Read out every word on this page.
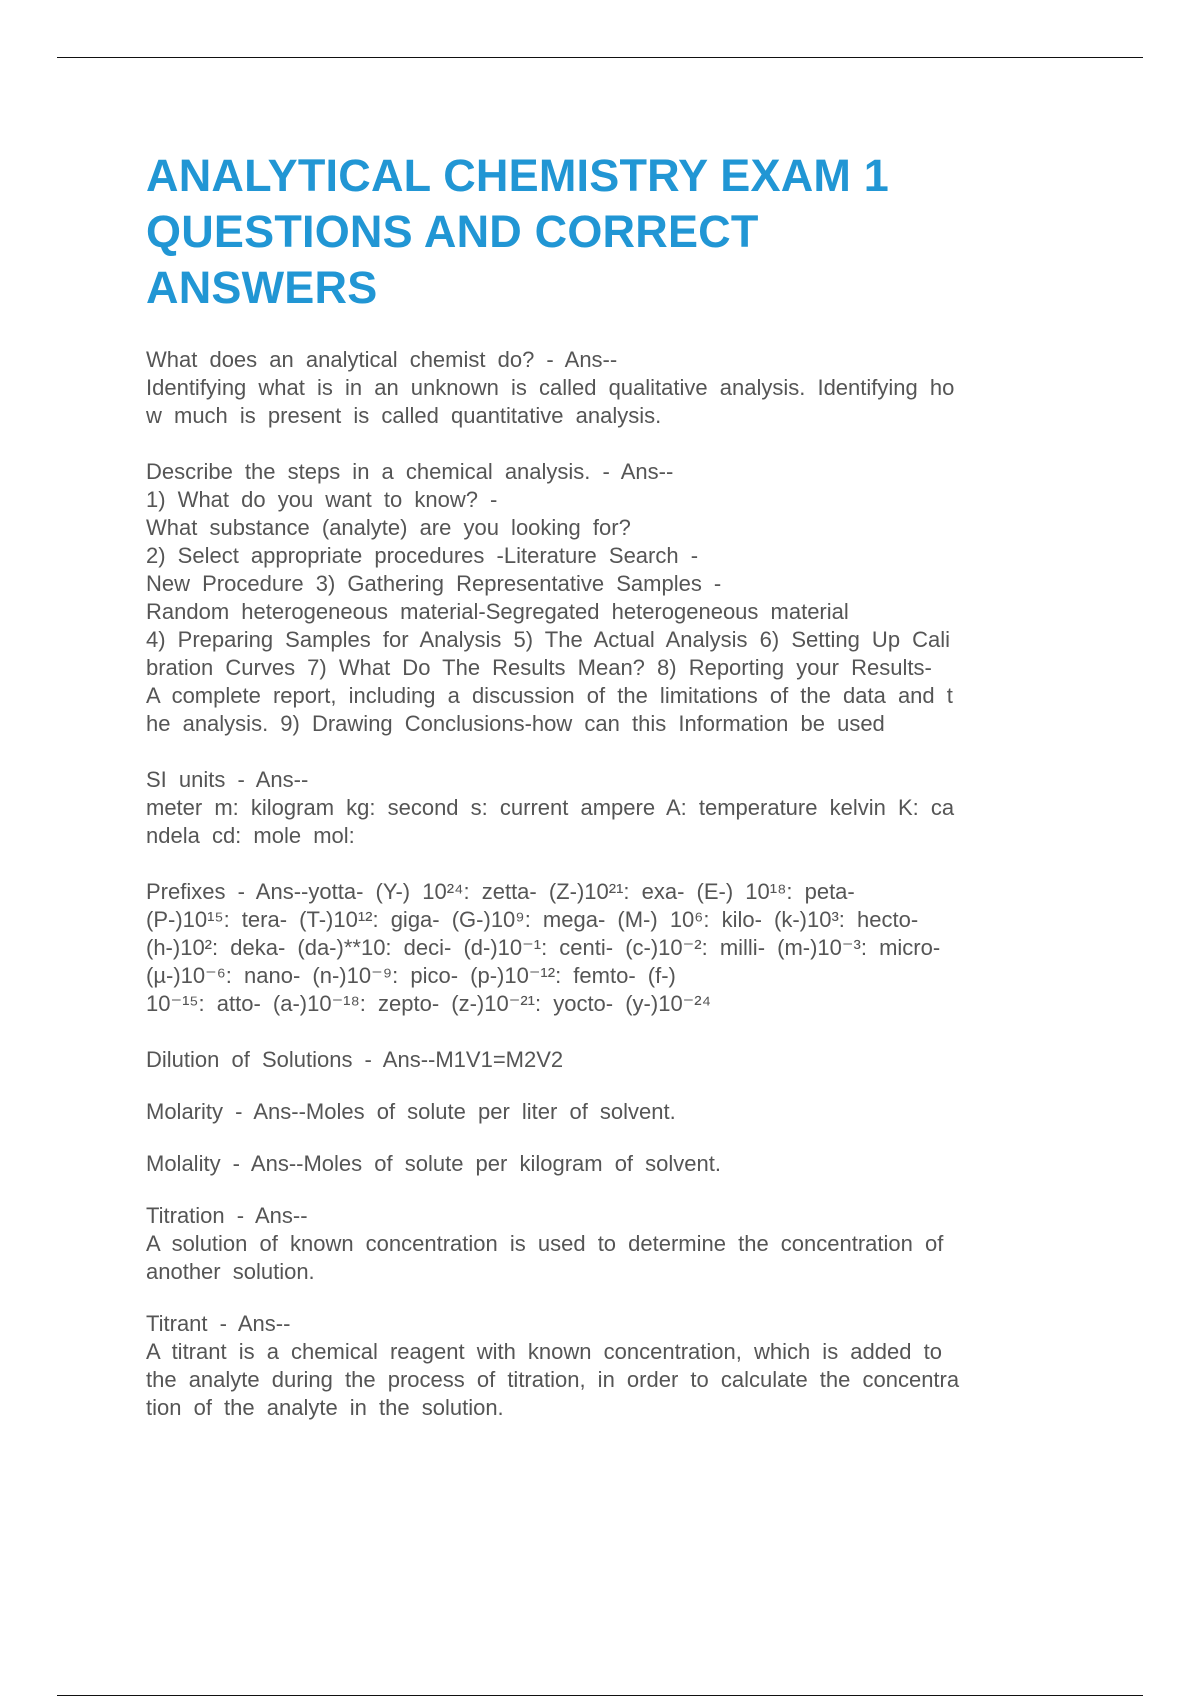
ANALYTICAL CHEMISTRY EXAM 1
QUESTIONS AND CORRECT
ANSWERS

What does an analytical chemist do? - Ans--

Identifying what is in an unknown is called qualitative analysis. Identifying ho
w much is present is called quantitative analysis.

Describe the steps in a chemical analysis. - Ans--

1) What do you want to know? -
What substance (analyte) are you looking for?
2) Select appropriate procedures -Literature Search -
New Procedure 3) Gathering Representative Samples -
Random heterogeneous material-Segregated heterogeneous material
4) Preparing Samples for Analysis 5) The Actual Analysis 6) Setting Up Cali
bration Curves 7) What Do The Results Mean? 8) Reporting your Results-
A complete report, including a discussion of the limitations of the data and t
he analysis. 9) Drawing Conclusions-how can this Information be used

SI units - Ans--

meter m: kilogram kg: second s: current ampere A: temperature kelvin K: ca
ndela cd: mole mol:

Prefixes - Ans--yotta- (Y-) 10²⁴: zetta- (Z-)10²¹: exa- (E-) 10¹⁸: peta-
(P-)10¹⁵: tera- (T-)10¹²: giga- (G-)10⁹: mega- (M-) 10⁶: kilo- (k-)10³: hecto-
(h-)10²: deka- (da-)**10: deci- (d-)10⁻¹: centi- (c-)10⁻²: milli- (m-)10⁻³: micro-
(µ-)10⁻⁶: nano- (n-)10⁻⁹: pico- (p-)10⁻¹²: femto- (f-)
10⁻¹⁵: atto- (a-)10⁻¹⁸: zepto- (z-)10⁻²¹: yocto- (y-)10⁻²⁴

Dilution of Solutions - Ans--M1V1=M2V2

Molarity - Ans--Moles of solute per liter of solvent.

Molality - Ans--Moles of solute per kilogram of solvent.

Titration - Ans--

A solution of known concentration is used to determine the concentration of
another solution.

Titrant - Ans--

A titrant is a chemical reagent with known concentration, which is added to
the analyte during the process of titration, in order to calculate the concentra
tion of the analyte in the solution.
